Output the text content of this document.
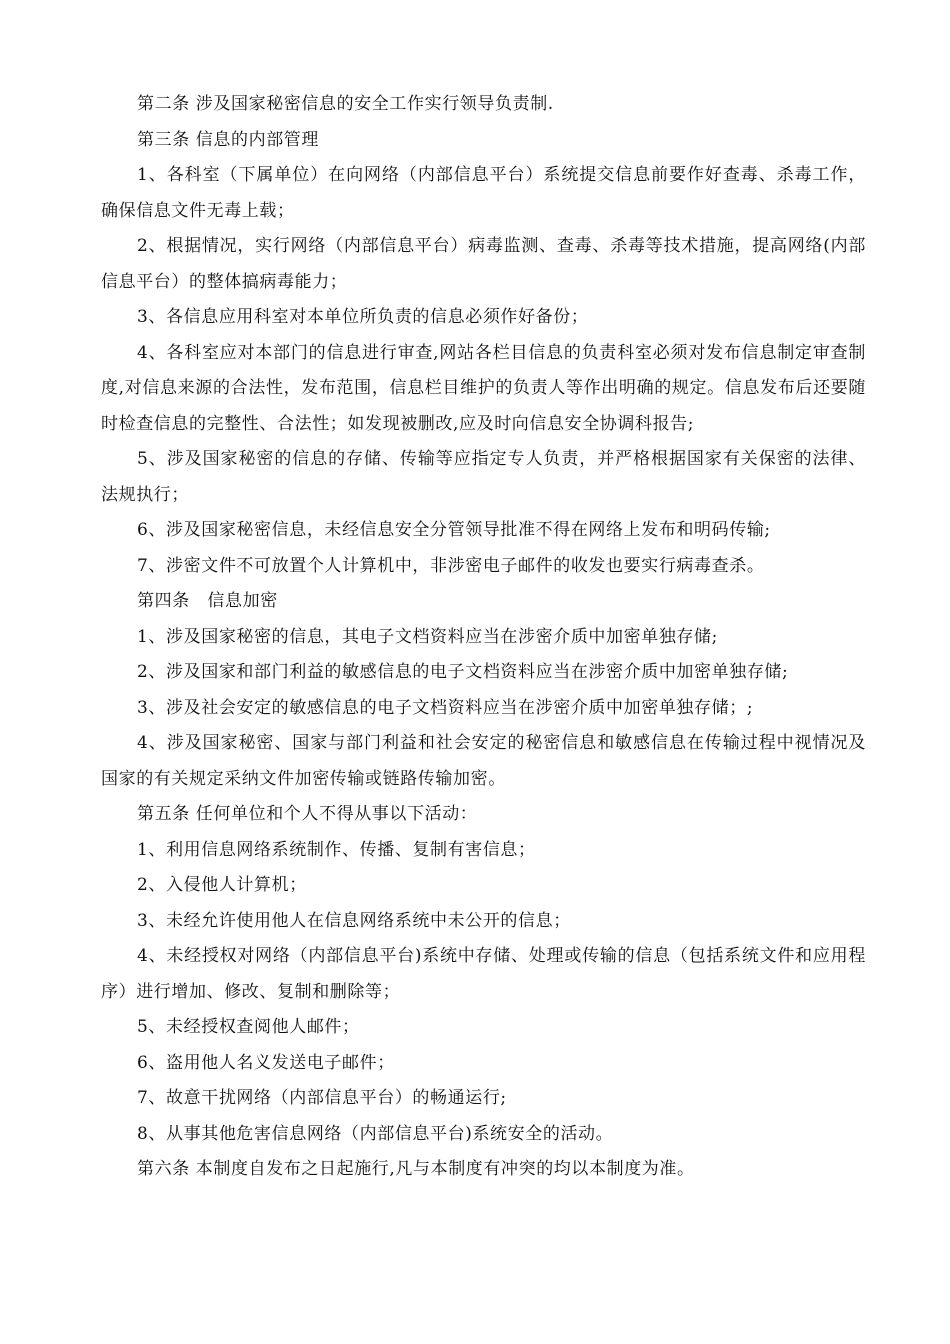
第二条 涉及国家秘密信息的安全工作实行领导负责制.

第三条 信息的内部管理

1、各科室（下属单位）在向网络（内部信息平台）系统提交信息前要作好查毒、杀毒工作，确保信息文件无毒上载；

2、根据情况，实行网络（内部信息平台）病毒监测、查毒、杀毒等技术措施，提高网络(内部信息平台）的整体搞病毒能力；

3、各信息应用科室对本单位所负责的信息必须作好备份；

4、各科室应对本部门的信息进行审查,网站各栏目信息的负责科室必须对发布信息制定审查制度,对信息来源的合法性，发布范围，信息栏目维护的负责人等作出明确的规定。信息发布后还要随时检查信息的完整性、合法性；如发现被删改,应及时向信息安全协调科报告;

5、涉及国家秘密的信息的存储、传输等应指定专人负责，并严格根据国家有关保密的法律、法规执行；

6、涉及国家秘密信息，未经信息安全分管领导批准不得在网络上发布和明码传输;

7、涉密文件不可放置个人计算机中，非涉密电子邮件的收发也要实行病毒查杀。

第四条　信息加密

1、涉及国家秘密的信息，其电子文档资料应当在涉密介质中加密单独存储;

2、涉及国家和部门利益的敏感信息的电子文档资料应当在涉密介质中加密单独存储;

3、涉及社会安定的敏感信息的电子文档资料应当在涉密介质中加密单独存储；;

4、涉及国家秘密、国家与部门利益和社会安定的秘密信息和敏感信息在传输过程中视情况及国家的有关规定采纳文件加密传输或链路传输加密。

第五条 任何单位和个人不得从事以下活动：

1、利用信息网络系统制作、传播、复制有害信息；

2、入侵他人计算机；

3、未经允许使用他人在信息网络系统中未公开的信息；

4、未经授权对网络（内部信息平台)系统中存储、处理或传输的信息（包括系统文件和应用程序）进行增加、修改、复制和删除等；

5、未经授权查阅他人邮件；

6、盗用他人名义发送电子邮件；

7、故意干扰网络（内部信息平台）的畅通运行;

8、从事其他危害信息网络（内部信息平台)系统安全的活动。

第六条 本制度自发布之日起施行,凡与本制度有冲突的均以本制度为准。
